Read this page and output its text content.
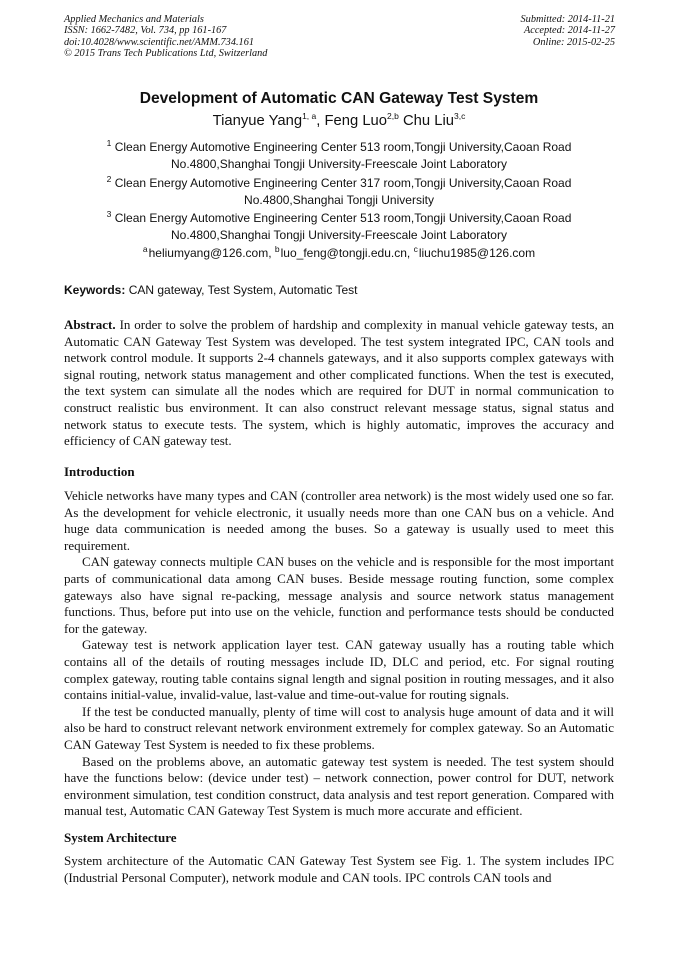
Applied Mechanics and Materials
ISSN: 1662-7482, Vol. 734, pp 161-167
doi:10.4028/www.scientific.net/AMM.734.161
© 2015 Trans Tech Publications Ltd, Switzerland
Submitted: 2014-11-21
Accepted: 2014-11-27
Online: 2015-02-25
Development of Automatic CAN Gateway Test System
Tianyue Yang$^{1, a}$, Feng Luo$^{2,b}$ Chu Liu$^{3,c}$
$^1$ Clean Energy Automotive Engineering Center 513 room,Tongji University,Caoan Road
No.4800,Shanghai Tongji University-Freescale Joint Laboratory
$^2$ Clean Energy Automotive Engineering Center 317 room,Tongji University,Caoan Road
No.4800,Shanghai Tongji University
$^3$ Clean Energy Automotive Engineering Center 513 room,Tongji University,Caoan Road
No.4800,Shanghai Tongji University-Freescale Joint Laboratory
$^a$ heliumyang@126.com, $^b$ luo_feng@tongji.edu.cn, $^c$ liuchu1985@126.com
Keywords: CAN gateway, Test System, Automatic Test

Abstract. In order to solve the problem of hardship and complexity in manual vehicle gateway tests, an Automatic CAN Gateway Test System was developed. The test system integrated IPC, CAN tools and network control module. It supports 2-4 channels gateways, and it also supports complex gateways with signal routing, network status management and other complicated functions. When the test is executed, the text system can simulate all the nodes which are required for DUT in normal communication to construct realistic bus environment. It can also construct relevant message status, signal status and network status to execute tests. The system, which is highly automatic, improves the accuracy and efficiency of CAN gateway test.

Introduction

Vehicle networks have many types and CAN (controller area network) is the most widely used one so far. As the development for vehicle electronic, it usually needs more than one CAN bus on a vehicle. And huge data communication is needed among the buses. So a gateway is usually used to meet this requirement.

CAN gateway connects multiple CAN buses on the vehicle and is responsible for the most important parts of communicational data among CAN buses. Beside message routing function, some complex gateways also have signal re-packing, message analysis and source network status management functions. Thus, before put into use on the vehicle, function and performance tests should be conducted for the gateway.

Gateway test is network application layer test. CAN gateway usually has a routing table which contains all of the details of routing messages include ID, DLC and period, etc. For signal routing complex gateway, routing table contains signal length and signal position in routing messages, and it also contains initial-value, invalid-value, last-value and time-out-value for routing signals.

If the test be conducted manually, plenty of time will cost to analysis huge amount of data and it will also be hard to construct relevant network environment extremely for complex gateway. So an Automatic CAN Gateway Test System is needed to fix these problems.

Based on the problems above, an automatic gateway test system is needed. The test system should have the functions below: (device under test) – network connection, power control for DUT, network environment simulation, test condition construct, data analysis and test report generation. Compared with manual test, Automatic CAN Gateway Test System is much more accurate and efficient.

System Architecture

System architecture of the Automatic CAN Gateway Test System see Fig. 1. The system includes IPC (Industrial Personal Computer), network module and CAN tools. IPC controls CAN tools and
